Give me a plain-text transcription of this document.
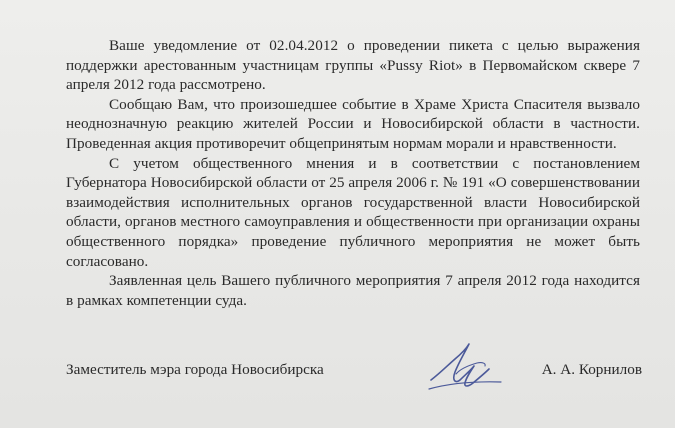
Ваше уведомление от 02.04.2012 о проведении пикета с целью выражения поддержки арестованным участницам группы «Pussy Riot» в Первомайском сквере 7 апреля 2012 года рассмотрено.

Сообщаю Вам, что произошедшее событие в Храме Христа Спасителя вызвало неоднозначную реакцию жителей России и Новосибирской области в частности. Проведенная акция противоречит общепринятым нормам морали и нравственности.

С учетом общественного мнения и в соответствии с постановлением Губернатора Новосибирской области от 25 апреля 2006 г. № 191 «О совершенствовании взаимодействия исполнительных органов государственной власти Новосибирской области, органов местного самоуправления и общественности при организации охраны общественного порядка» проведение публичного мероприятия не может быть согласовано.

Заявленная цель Вашего публичного мероприятия 7 апреля 2012 года находится в рамках компетенции суда.

Заместитель мэра города Новосибирска	А. А. Корнилов
